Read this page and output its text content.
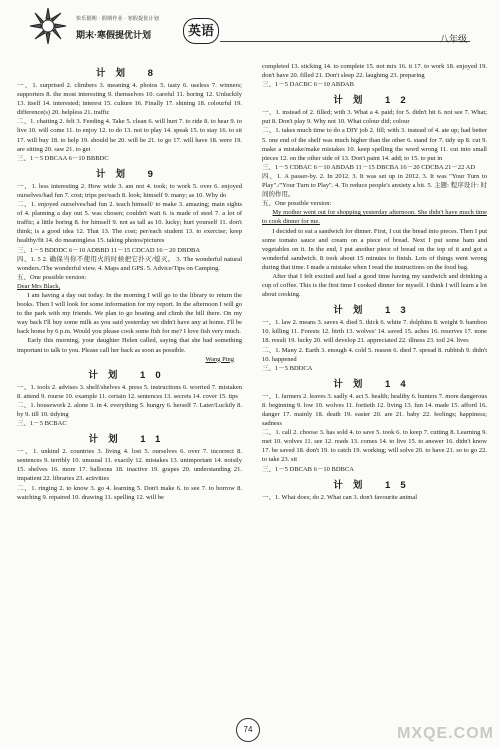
快乐假期 · 假期作业 · 寒假提优计划
期末·寒假提优计划	英语
八年级
计划 8

一、1. surprised 2. climbers 3. meaning 4. photos 5. tasty 6. useless 7. winners; supporters 8. the most interesting 9. themselves 10. careful 11. boring 12. Unluckily 13. itself 14. interested; interest 15. culture 16. Finally 17. shining 18. colourful 19. difference(s) 20. helpless 21. traffic

二、1. chatting 2. felt 3. Feeding 4. Take 5. clean 6. will hurt 7. to ride 8. to hear 9. to live 10. will come 11. to enjoy 12. to do 13. not to play 14. speak 15. to stay 16. to sit 17. will buy 18. to help 19. should be 20. will be 21. to go 17. will have 18. were 19. are sitting 20. saw 21. to get

三、1－5 DBCAA 6－10 BBBDC

计划 9

一、1. less interesting 2. How wide 3. am not 4. took; to work 5. over 6. enjoyed ourselves/had fun 7. cost; trips per/each 8. look; himself 9. many; as 10. Why do

二、1. enjoyed ourselves/had fun 2. teach himself/ to make 3. amazing; main sights of 4. planning a day out 5. was chosen; couldn't wait 6. is made of steel 7. a lot of traffic; a little boring 8. for himself 9. not as tall as 10. lucky; hurt yourself 11. don't think; is a good idea 12. That 13. The cost; per/each student 13. to exercise; keep healthy/fit 14. do meaningless 15. taking photos/pictures

三、1－5 BDDDC 6－10 ADBBD 11－15 CDCAD 16－20 DBDBA

四、1. 5 2. 确保当你不使用火的时候把它扑灭/熄灭。 3. The wonderful natural wonders./The wonderful view. 4. Maps and GPS. 5. Advice/Tips on Camping.

五、One possible version:

Dear Mrs Black,

I am having a day out today. In the morning I will go to the library to return the books. Then I will look for some information for my report. In the afternoon I will go to the park with my friends. We plan to go boating and climb the hill there. On my way back I'll buy some milk as you said yesterday we didn't have any at home. I'll be back home by 6 p.m. Would you please cook some fish for me? I love fish very much.

Early this morning, your daughter Helen called, saying that she had something important to talk to you. Please call her back as soon as possible.

Wang Ping

计划 10

一、1. tools 2. advises 3. shelf/shelves 4. press 5. instructions 6. worried 7. mistaken 8. attend 9. rourse 10. example 11. certain 12. sentences 13. secrets 14. cover 15. tips

二、1. housework 2. alone 3. in 4. everything 5. hungry 6. herself 7. Later/Luckily 8. by 9. till 10. tidying

三、1－5 BCBAC

计划 11

一、1. unkind 2. countries 3. living 4. lost 5. ourselves 6. over 7. incorrect 8. sentences 9. terribly 10. unusual 11. exactly 12. mistakes 13. unimportant 14. noisily 15. shelves 16. more 17. balloons 18. inactive 19. grapes 20. understanding 21. impatient 22. libraries 23. activities

二、1. ringing 2. to know 3. go 4. learning 5. Don't make 6. to see 7. to borrow 8. watching 9. repaired 10. drawing 11. spelling 12. will be

completed 13. sticking 14. to complete 15. not mix 16. it 17. to work 18. enjoyed 19. don't have 20. filled 21. Don't sleep 22. laughing 23. preparing

三、1－5 DACBC 6－10 ABDAB

计划 12

一、1. instead of 2. filled; with 3. What a 4. paid; for 5. didn't hit 6. not see 7. What; put 8. Don't play 9. Why not 10. What colour did; colour

二、1. takes much time to do a DIY job 2. fill; with 3. instead of 4. ate up; had better 5. one end of the shelf was much higher than the other 6. stand for 7. tidy up 8. cut 9. make a mistake/make mistakes 10. keep spelling the word wrong 11. cut into small pieces 12. on the other side of 13. Don't paint 14. add; to 15. to put in

三、1－5 CDBAC 6－10 ABDAB 11－15 DBCBA 16－20 CDCBA 21－22 AD

四、1. A passer-by. 2. In 2012. 3. It was set up in 2012. 3. It was "Your Turn to Play"./"Your Turn to Play". 4. To reduce people's anxiety a bit. 5. 主题: 程序设计: 时间的作用。

五、One possible version:

My mother went out for shopping yesterday afternoon. She didn't have much time to cook dinner for me.

I decided to eat a sandwich for dinner. First, I cut the bread into pieces. Then I put some tomato sauce and cream on a piece of bread. Next I put some ham and vegetables on it. In the end, I put another piece of bread on the top of it and got a wonderful sandwich. It took about 15 minutes to finish. Lots of things went wrong during that time. I made a mistake when I read the instructions on the food bag.

After that I felt excited and had a good time having my sandwich and drinking a cup of coffee. This is the first time I cooked dinner for myself. I think I will learn a lot about cooking.

计划 13

一、1. law 2. means 3. saves 4. died 5. thick 6. white 7. dolphins 8. weight 9. bamboo 10. killing 11. Forests 12. birth 13. wolves' 14. saved 15. aches 16. reserves 17. none 18. result 19. lucky 20. will develop 21. appreciated 22. illness 23. toil 24. lives

二、1. Many 2. Earth 3. enough 4. cold 5. reason 6. died 7. spread 8. rubbish 9. didn't 10. happened

三、1－5 BDDCA

计划 14

一、1. farmers 2. leaves 3. sadly 4. act 5. health; healthy 6. hunters 7. more dangerous 8. beginning 9. low 10. wolves 11. fortieth 12. living 13. fun 14. made 15. afford 16. danger 17. mainly 18. death 19. easier 20. are 21. baby 22. feelings; happiness; sadness

二、1. call 2. choose 3. has sold 4. to save 5. took 6. to keep 7. cutting 8. Learning 9. met 10. wolves 11. see 12. reads 13. comes 14. to live 15. to answer 16. didn't know 17. be saved 18. don't 19. to catch 19. working; will solve 20. to have 21. so to go 22. to take 23. sit

三、1－5 DBCAB 6－10 BDBCA

计划 15

一、1. What does; do 2. What can 3. don't favourite animal

74	MXQE.COM
